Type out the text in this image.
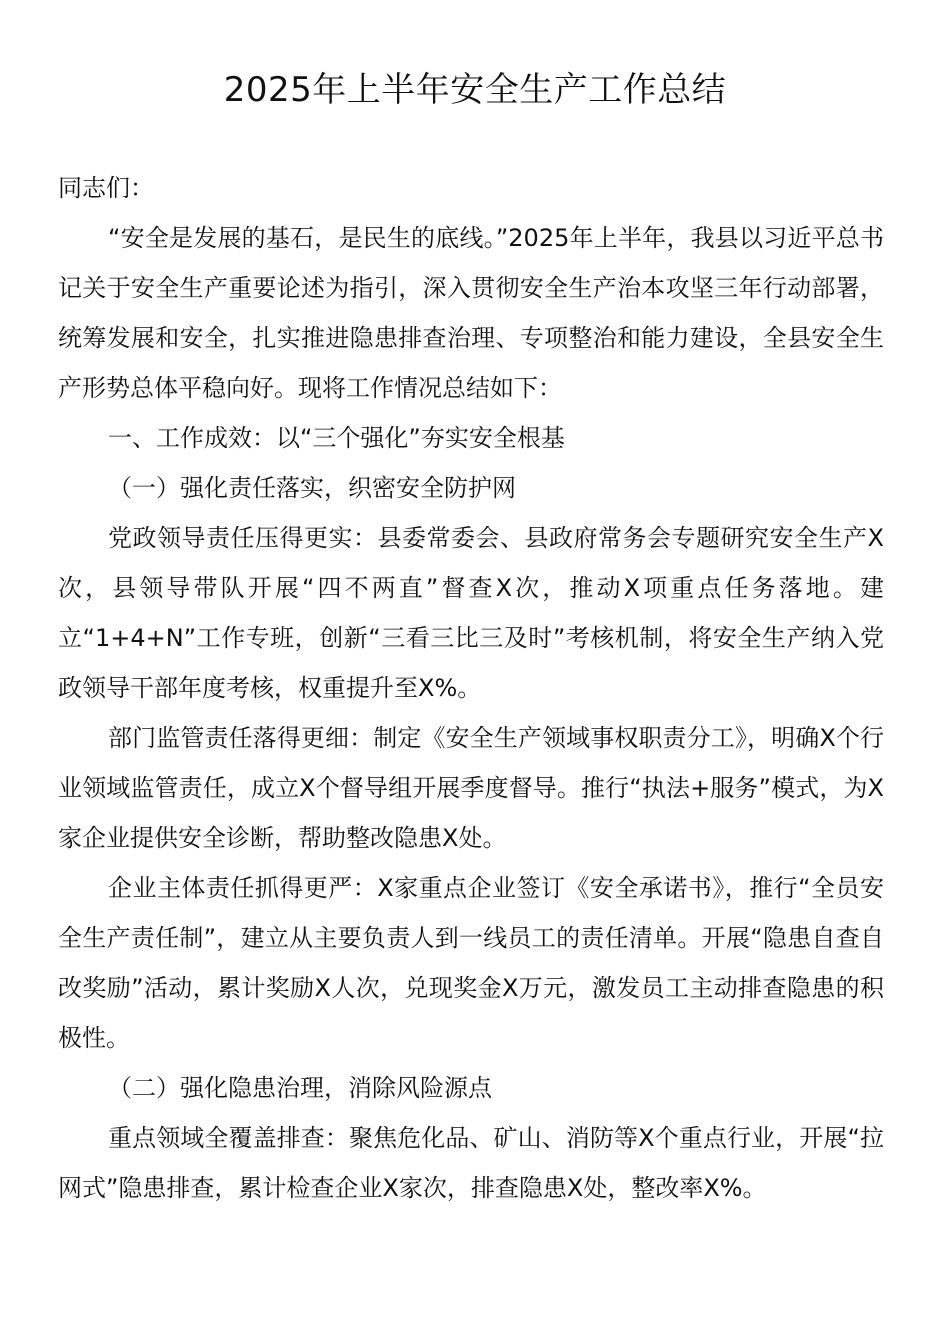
2025年上半年安全生产工作总结

同志们：

“安全是发展的基石，是民生的底线。”2025年上半年，我县以习近平总书记关于安全生产重要论述为指引，深入贯彻安全生产治本攻坚三年行动部署，统筹发展和安全，扎实推进隐患排查治理、专项整治和能力建设，全县安全生产形势总体平稳向好。现将工作情况总结如下：

一、工作成效：以“三个强化”夯实安全根基

（一）强化责任落实，织密安全防护网

党政领导责任压得更实：县委常委会、县政府常务会专题研究安全生产X次，县领导带队开展“四不两直”督查X次，推动X项重点任务落地。建立“1+4+N”工作专班，创新“三看三比三及时”考核机制，将安全生产纳入党政领导干部年度考核，权重提升至X%。

部门监管责任落得更细：制定《安全生产领域事权职责分工》，明确X个行业领域监管责任，成立X个督导组开展季度督导。推行“执法+服务”模式，为X家企业提供安全诊断，帮助整改隐患X处。

企业主体责任抓得更严：X家重点企业签订《安全承诺书》，推行“全员安全生产责任制”，建立从主要负责人到一线员工的责任清单。开展“隐患自查自改奖励”活动，累计奖励X人次，兑现奖金X万元，激发员工主动排查隐患的积极性。

（二）强化隐患治理，消除风险源点

重点领域全覆盖排查：聚焦危化品、矿山、消防等X个重点行业，开展“拉网式”隐患排查，累计检查企业X家次，排查隐患X处，整改率X%。
